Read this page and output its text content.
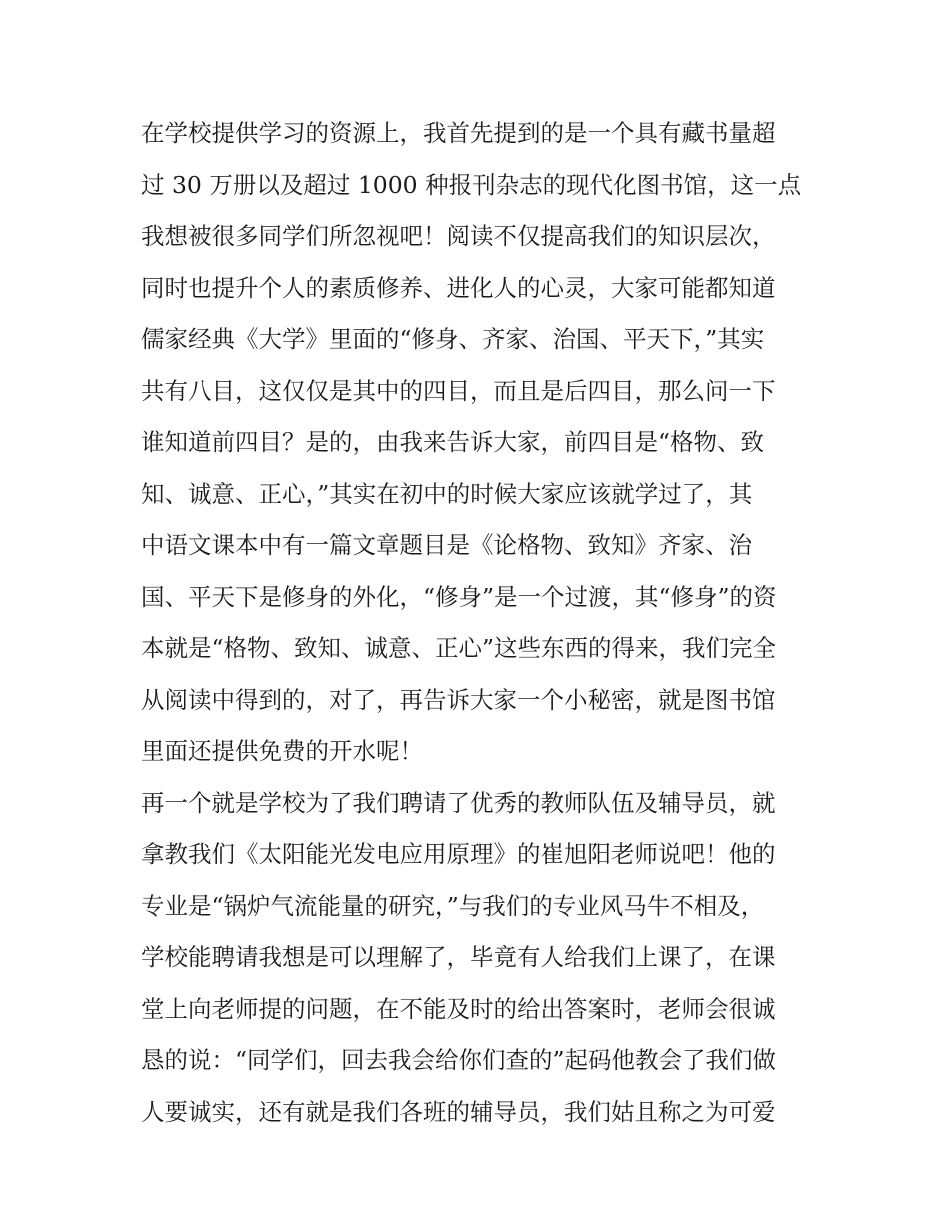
在学校提供学习的资源上，我首先提到的是一个具有藏书量超
过 30 万册以及超过 1000 种报刊杂志的现代化图书馆，这一点
我想被很多同学们所忽视吧！阅读不仅提高我们的知识层次，
同时也提升个人的素质修养、进化人的心灵，大家可能都知道
儒家经典《大学》里面的“修身、齐家、治国、平天下，”其实
共有八目，这仅仅是其中的四目，而且是后四目，那么问一下
谁知道前四目？是的，由我来告诉大家，前四目是“格物、致
知、诚意、正心，”其实在初中的时候大家应该就学过了，其
中语文课本中有一篇文章题目是《论格物、致知》齐家、治
国、平天下是修身的外化，“修身”是一个过渡，其“修身”的资
本就是“格物、致知、诚意、正心”这些东西的得来，我们完全
从阅读中得到的，对了，再告诉大家一个小秘密，就是图书馆
里面还提供免费的开水呢！
再一个就是学校为了我们聘请了优秀的教师队伍及辅导员，就
拿教我们《太阳能光发电应用原理》的崔旭阳老师说吧！他的
专业是“锅炉气流能量的研究，”与我们的专业风马牛不相及，
学校能聘请我想是可以理解了，毕竟有人给我们上课了，在课
堂上向老师提的问题，在不能及时的给出答案时，老师会很诚
恳的说：“同学们，回去我会给你们查的”起码他教会了我们做
人要诚实，还有就是我们各班的辅导员，我们姑且称之为可爱
